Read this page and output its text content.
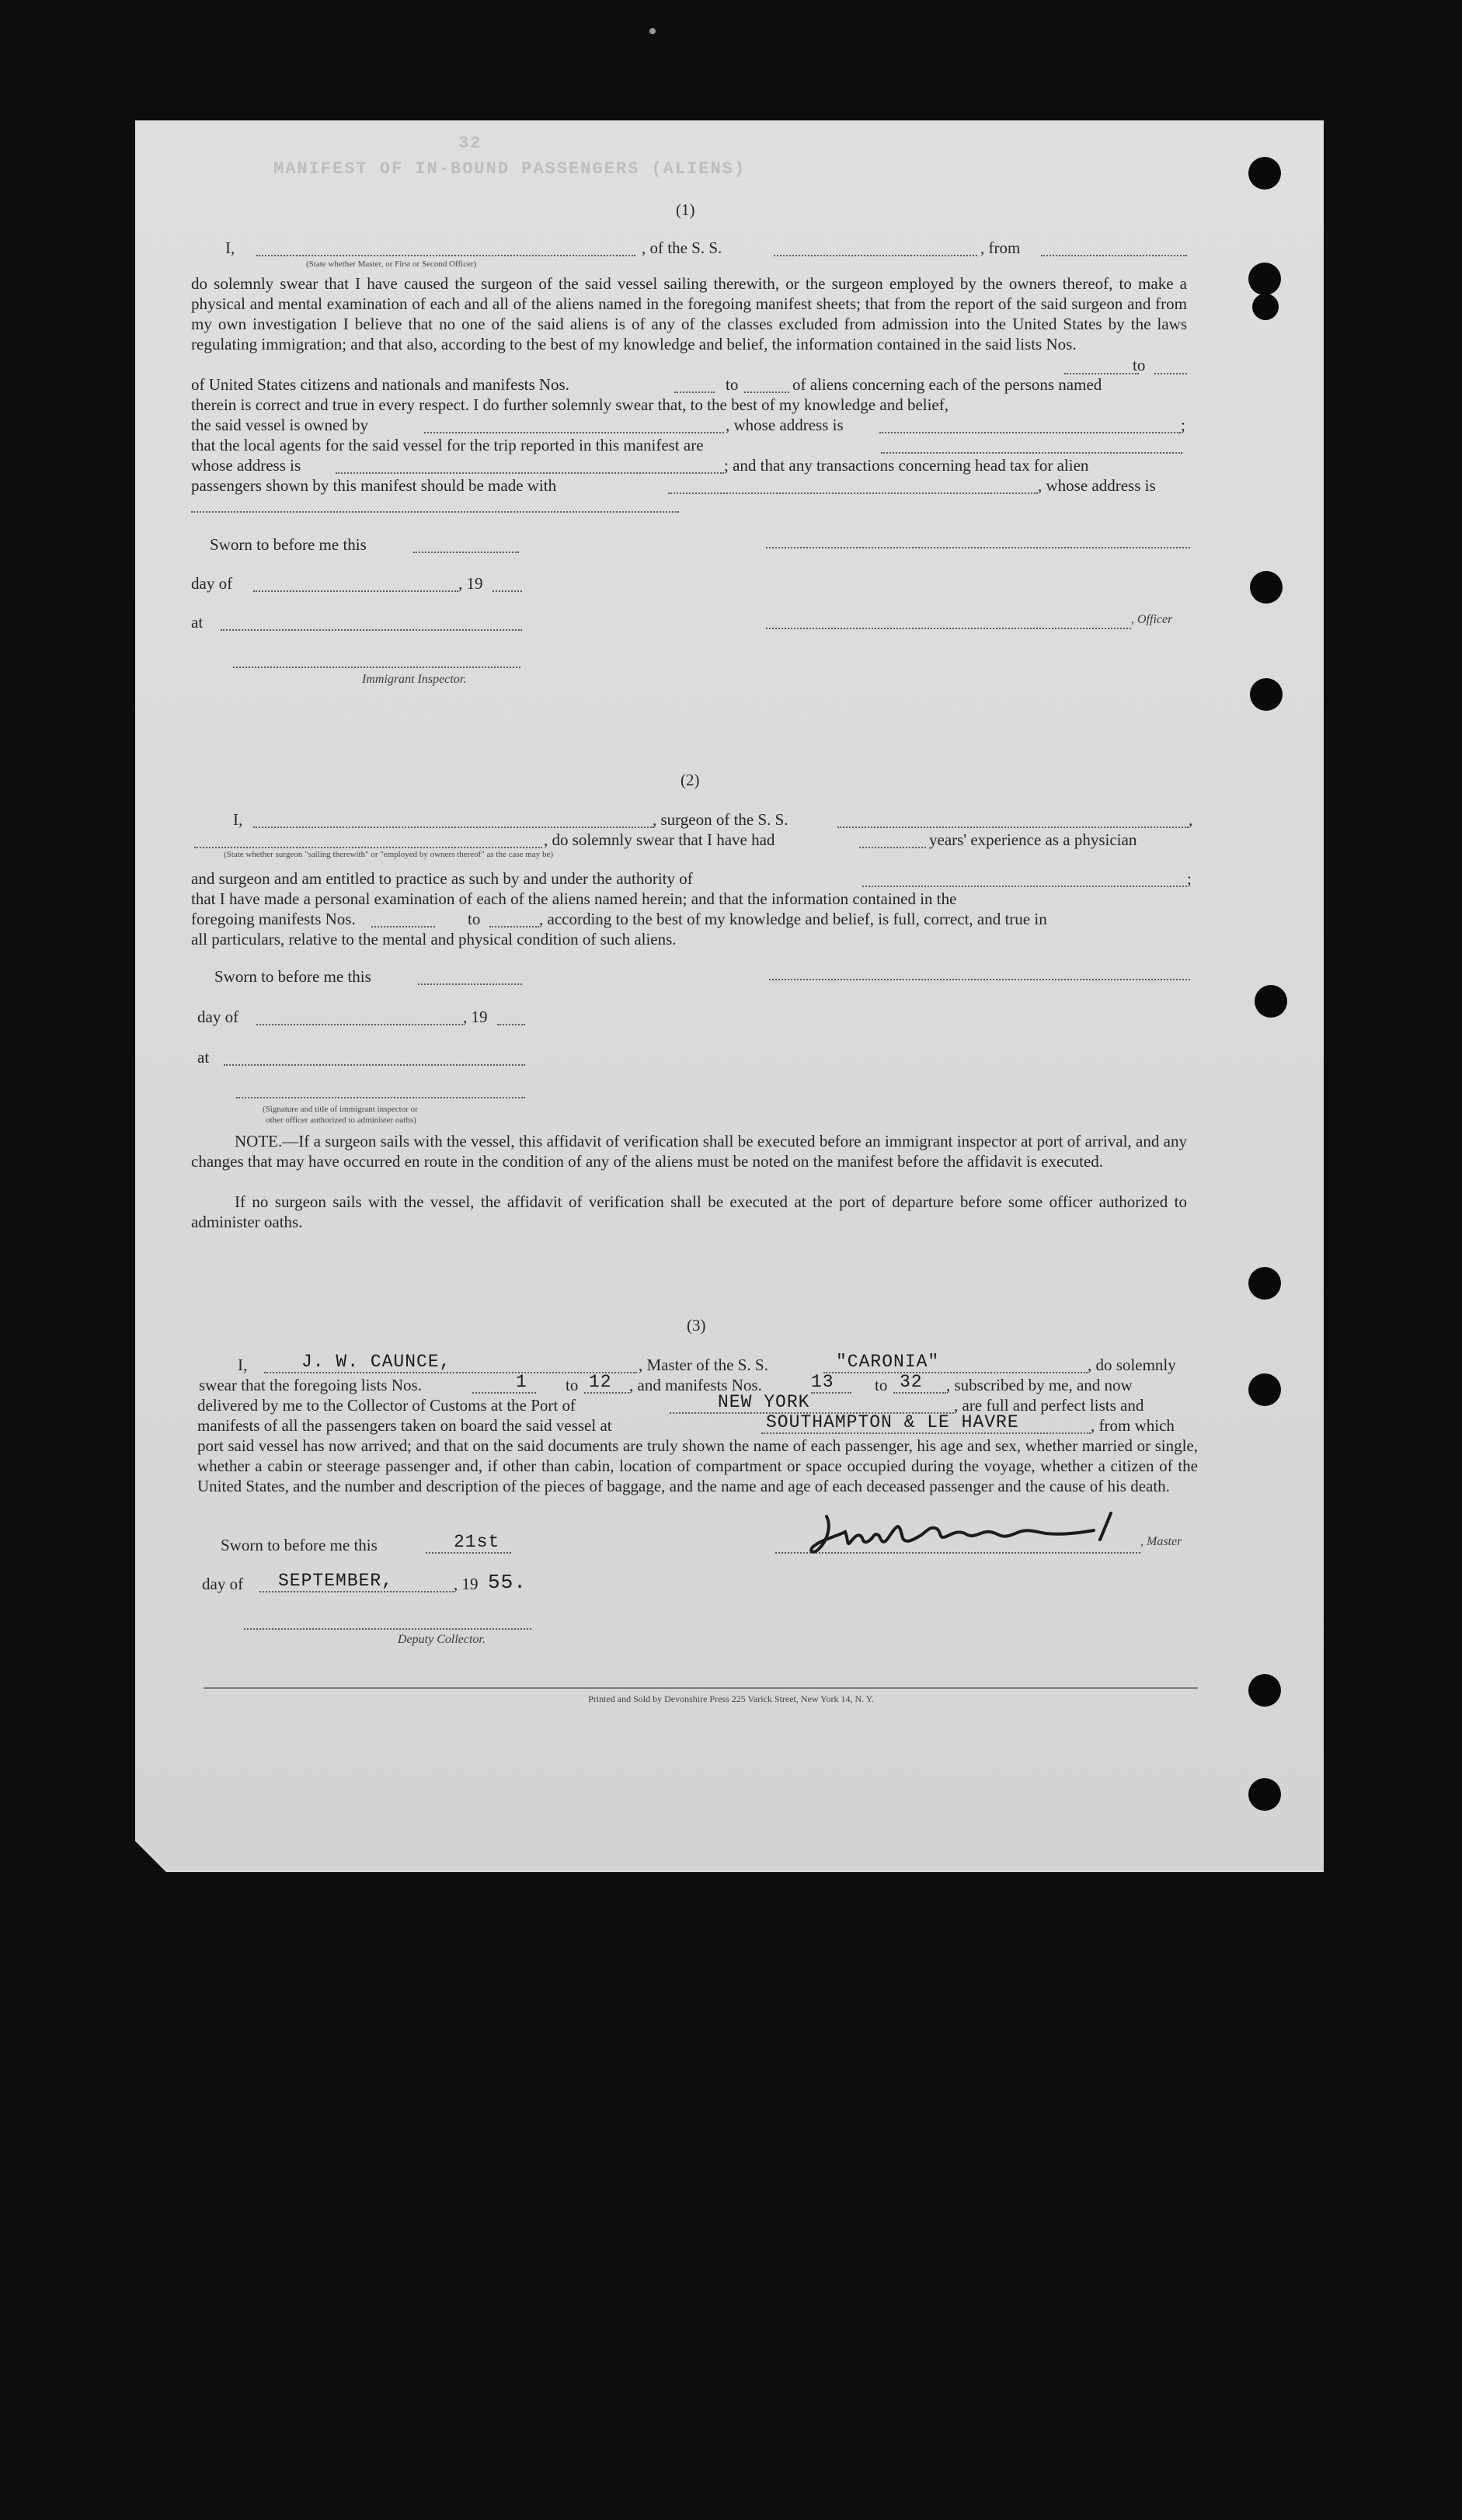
MANIFEST OF IN-BOUND PASSENGERS (ALIENS)
32
(1)
I,	, of the S. S.	, from
(State whether Master, or First or Second Officer)
do solemnly swear that I have caused the surgeon of the said vessel sailing therewith, or the surgeon employed by the owners thereof, to make a physical and mental examination of each and all of the aliens named in the foregoing manifest sheets; that from the report of the said surgeon and from my own investigation I believe that no one of the said aliens is of any of the classes excluded from admission into the United States by the laws regulating immigration; and that also, according to the best of my knowledge and belief, the information contained in the said lists Nos.
to
of United States citizens and nationals and manifests Nos.	to	of aliens concerning each of the persons named
therein is correct and true in every respect. I do further solemnly swear that, to the best of my knowledge and belief,
the said vessel is owned by	, whose address is	;
that the local agents for the said vessel for the trip reported in this manifest are
whose address is	; and that any transactions concerning head tax for alien
passengers shown by this manifest should be made with	, whose address is
Sworn to before me this
day of	, 19
at	, Officer
Immigrant Inspector.
(2)
I,	, surgeon of the S. S.	,
, do solemnly swear that I have had	years' experience as a physician
(State whether surgeon "sailing therewith" or "employed by owners thereof" as the case may be)
and surgeon and am entitled to practice as such by and under the authority of	;
that I have made a personal examination of each of the aliens named herein; and that the information contained in the
foregoing manifests Nos.	to	, according to the best of my knowledge and belief, is full, correct, and true in
all particulars, relative to the mental and physical condition of such aliens.
Sworn to before me this
day of	, 19
at
(Signature and title of immigrant inspector or
other officer authorized to administer oaths)
NOTE.—If a surgeon sails with the vessel, this affidavit of verification shall be executed before an immigrant inspector at port of arrival, and any changes that may have occurred en route in the condition of any of the aliens must be noted on the manifest before the affidavit is executed.
If no surgeon sails with the vessel, the affidavit of verification shall be executed at the port of departure before some officer authorized to administer oaths.
(3)
I,	J. W. CAUNCE,	, Master of the S. S.	"CARONIA"	, do solemnly
swear that the foregoing lists Nos.	1 to 12 , and manifests Nos.	13 to 32 , subscribed by me, and now
delivered by me to the Collector of Customs at the Port of	NEW YORK	, are full and perfect lists and
manifests of all the passengers taken on board the said vessel at	SOUTHAMPTON & LE HAVRE	, from which
port said vessel has now arrived; and that on the said documents are truly shown the name of each passenger, his age and sex, whether married or single, whether a cabin or steerage passenger and, if other than cabin, location of compartment or space occupied during the voyage, whether a citizen of the United States, and the number and description of the pieces of baggage, and the name and age of each deceased passenger and the cause of his death.
Sworn to before me this	21st	, Master
day of SEPTEMBER,	, 19 55.
Deputy Collector.
Printed and Sold by Devonshire Press 225 Varick Street, New York 14, N. Y.
